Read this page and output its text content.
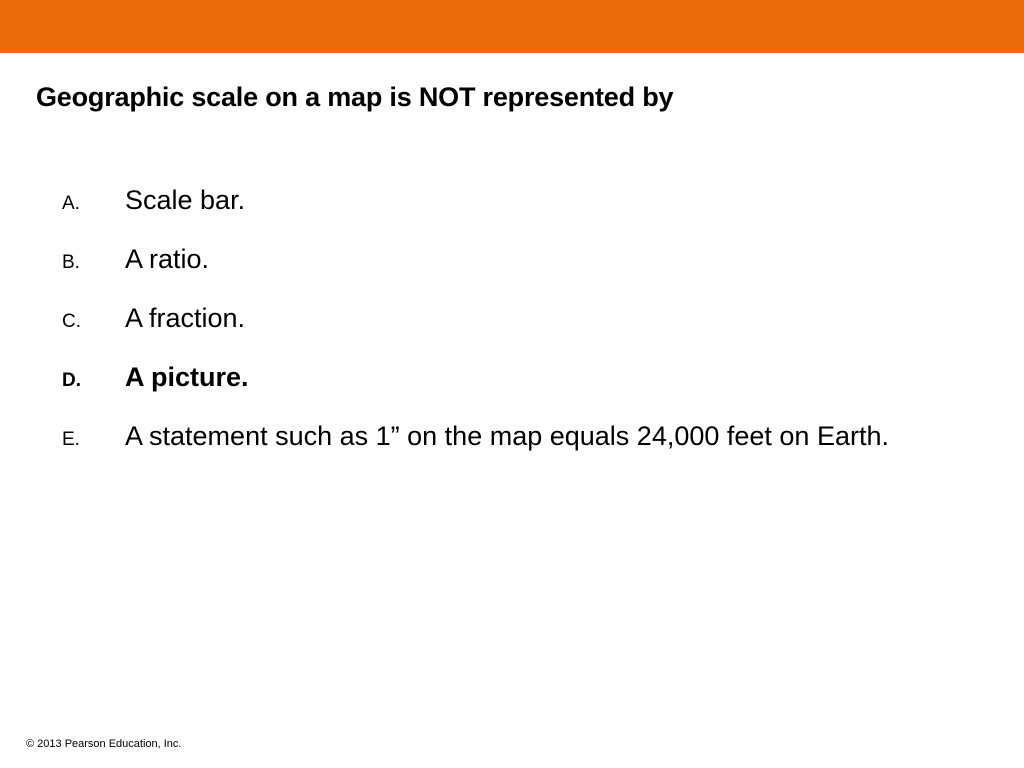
Geographic scale on a map is NOT represented by
A.	Scale bar.
B.	A ratio.
C.	A fraction.
D.	A picture.
E.	A statement such as 1” on the map equals 24,000 feet on Earth.
© 2013 Pearson Education, Inc.
